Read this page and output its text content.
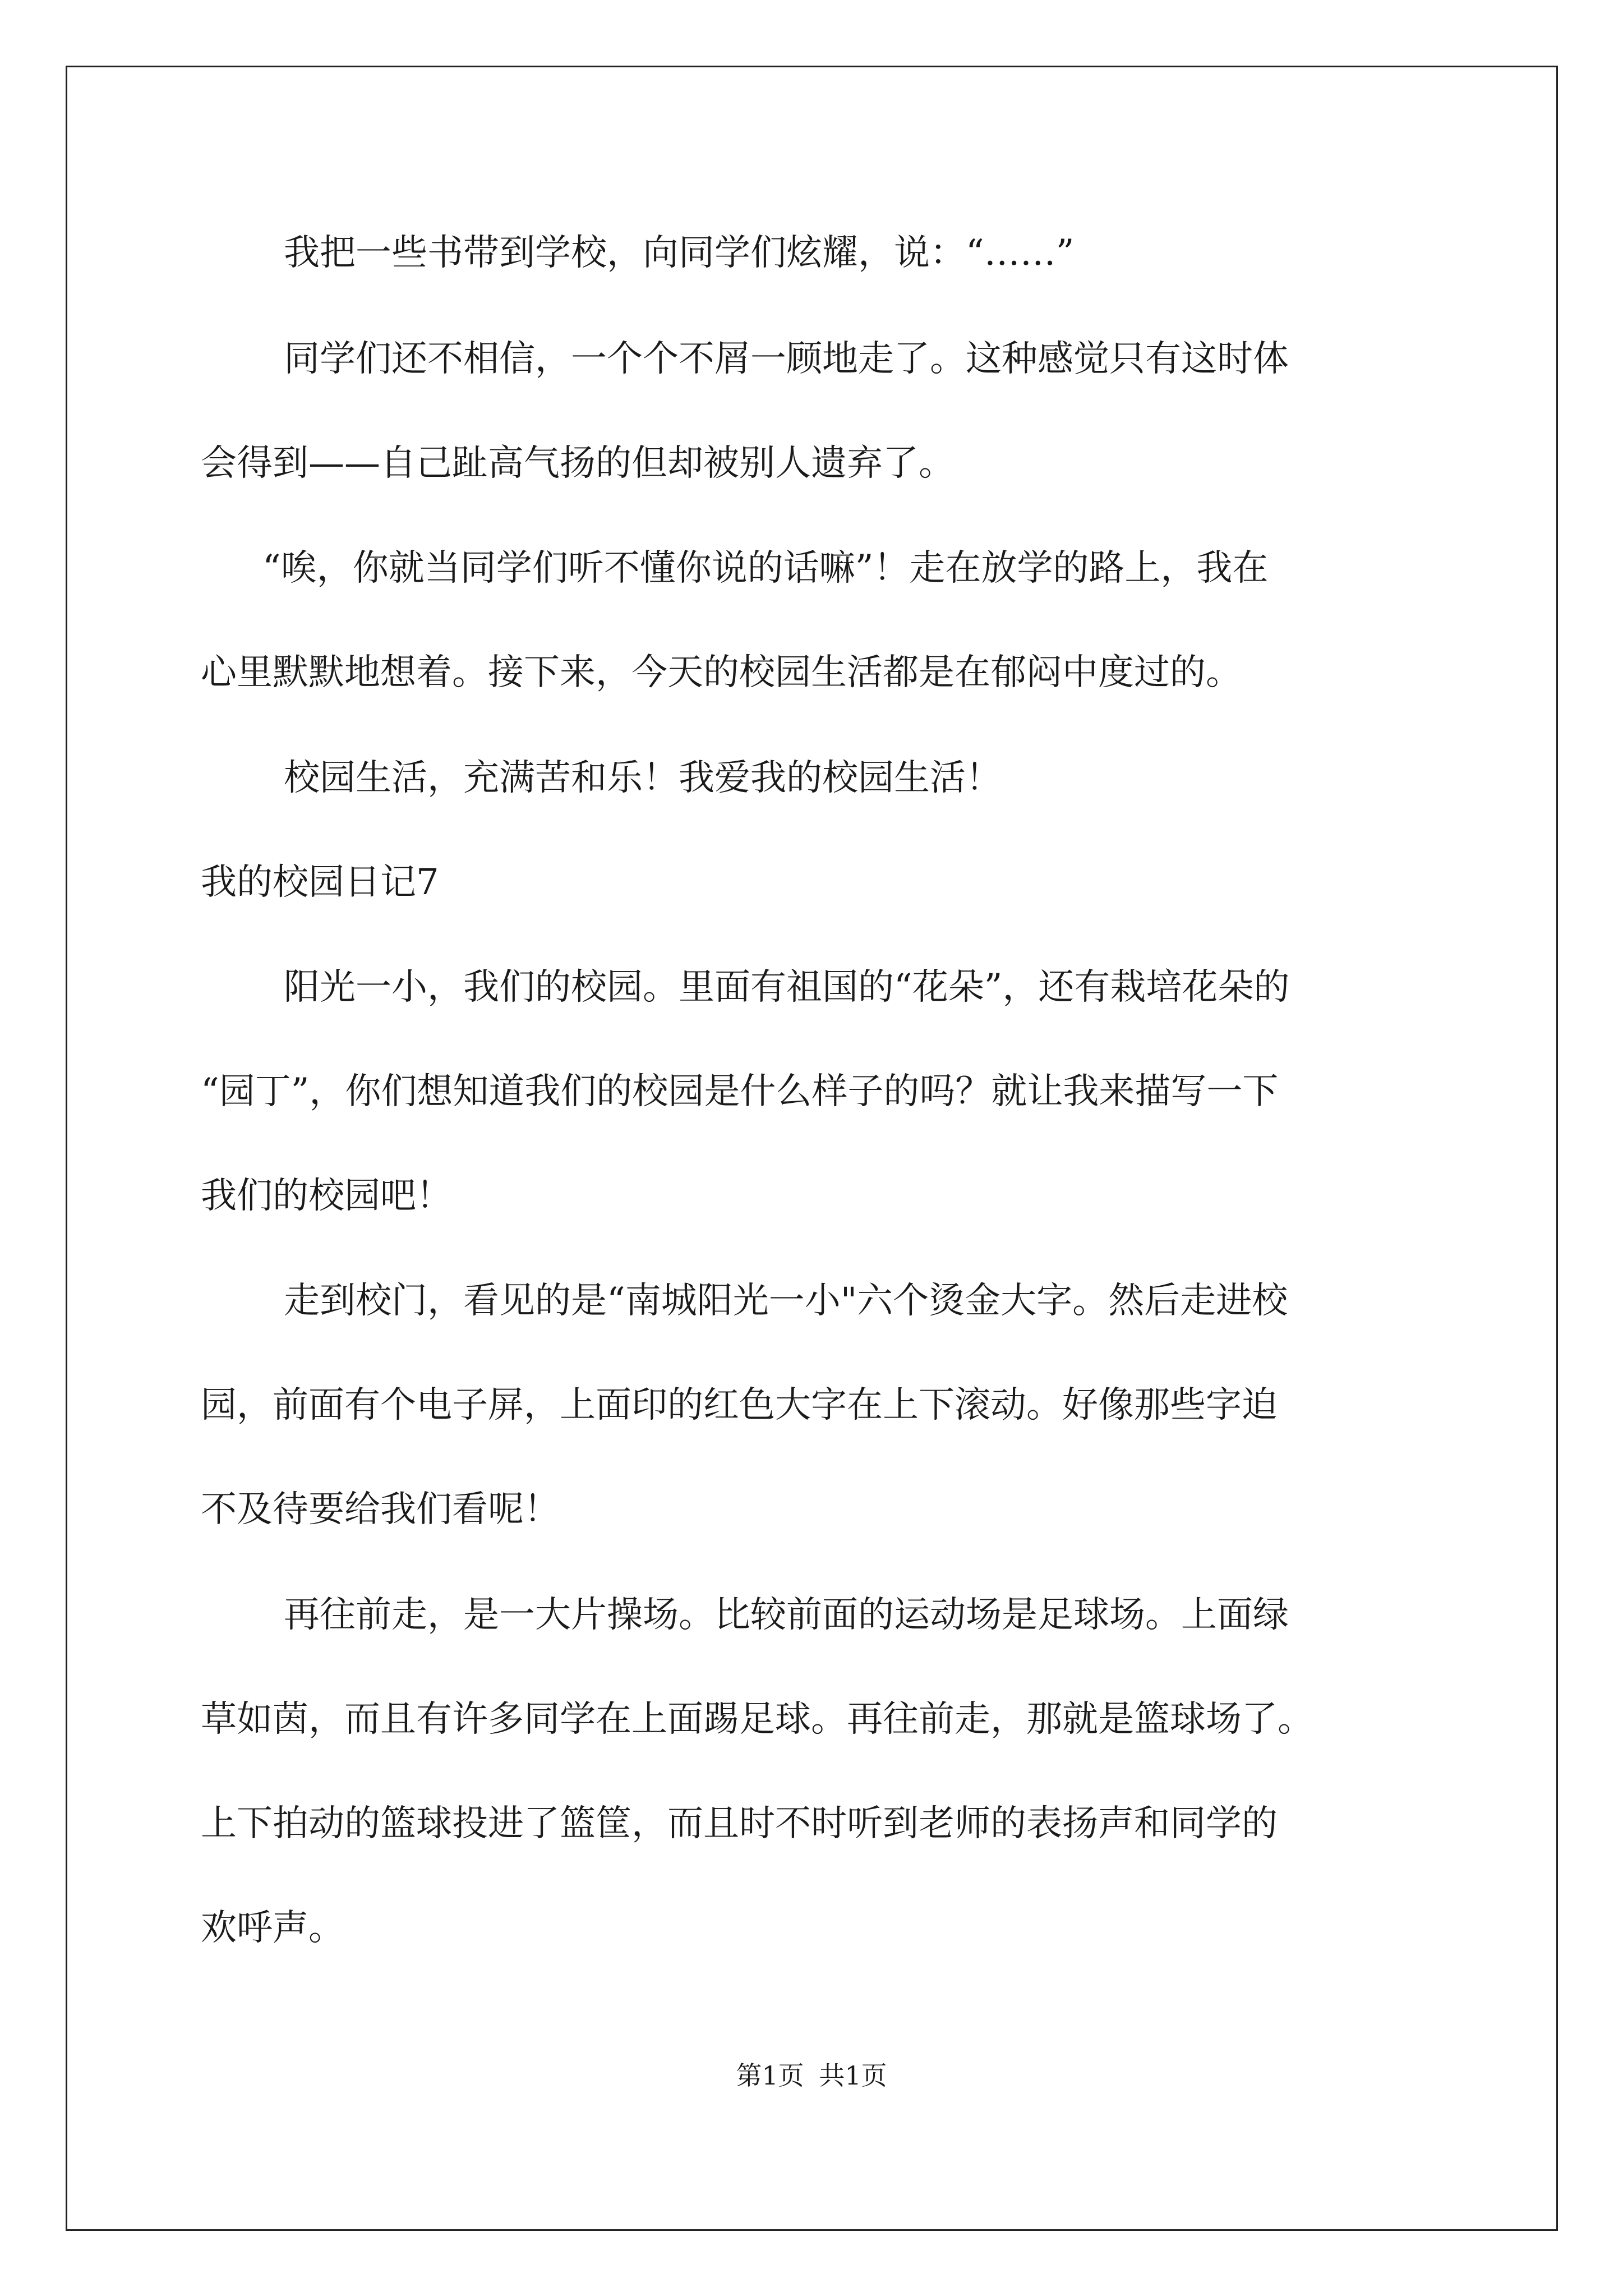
我把一些书带到学校，向同学们炫耀，说：“……”

同学们还不相信，一个个不屑一顾地走了。这种感觉只有这时体
会得到——自己趾高气扬的但却被别人遗弃了。

“唉，你就当同学们听不懂你说的话嘛”！走在放学的路上，我在
心里默默地想着。接下来，今天的校园生活都是在郁闷中度过的。

校园生活，充满苦和乐！我爱我的校园生活！

我的校园日记7

阳光一小，我们的校园。里面有祖国的“花朵”，还有栽培花朵的
“园丁”，你们想知道我们的校园是什么样子的吗？就让我来描写一下
我们的校园吧！

走到校门，看见的是“南城阳光一小"六个烫金大字。然后走进校
园，前面有个电子屏，上面印的红色大字在上下滚动。好像那些字迫
不及待要给我们看呢！

再往前走，是一大片操场。比较前面的运动场是足球场。上面绿
草如茵，而且有许多同学在上面踢足球。再往前走，那就是篮球场了。
上下拍动的篮球投进了篮筐，而且时不时听到老师的表扬声和同学的
欢呼声。

第1页 共1页
